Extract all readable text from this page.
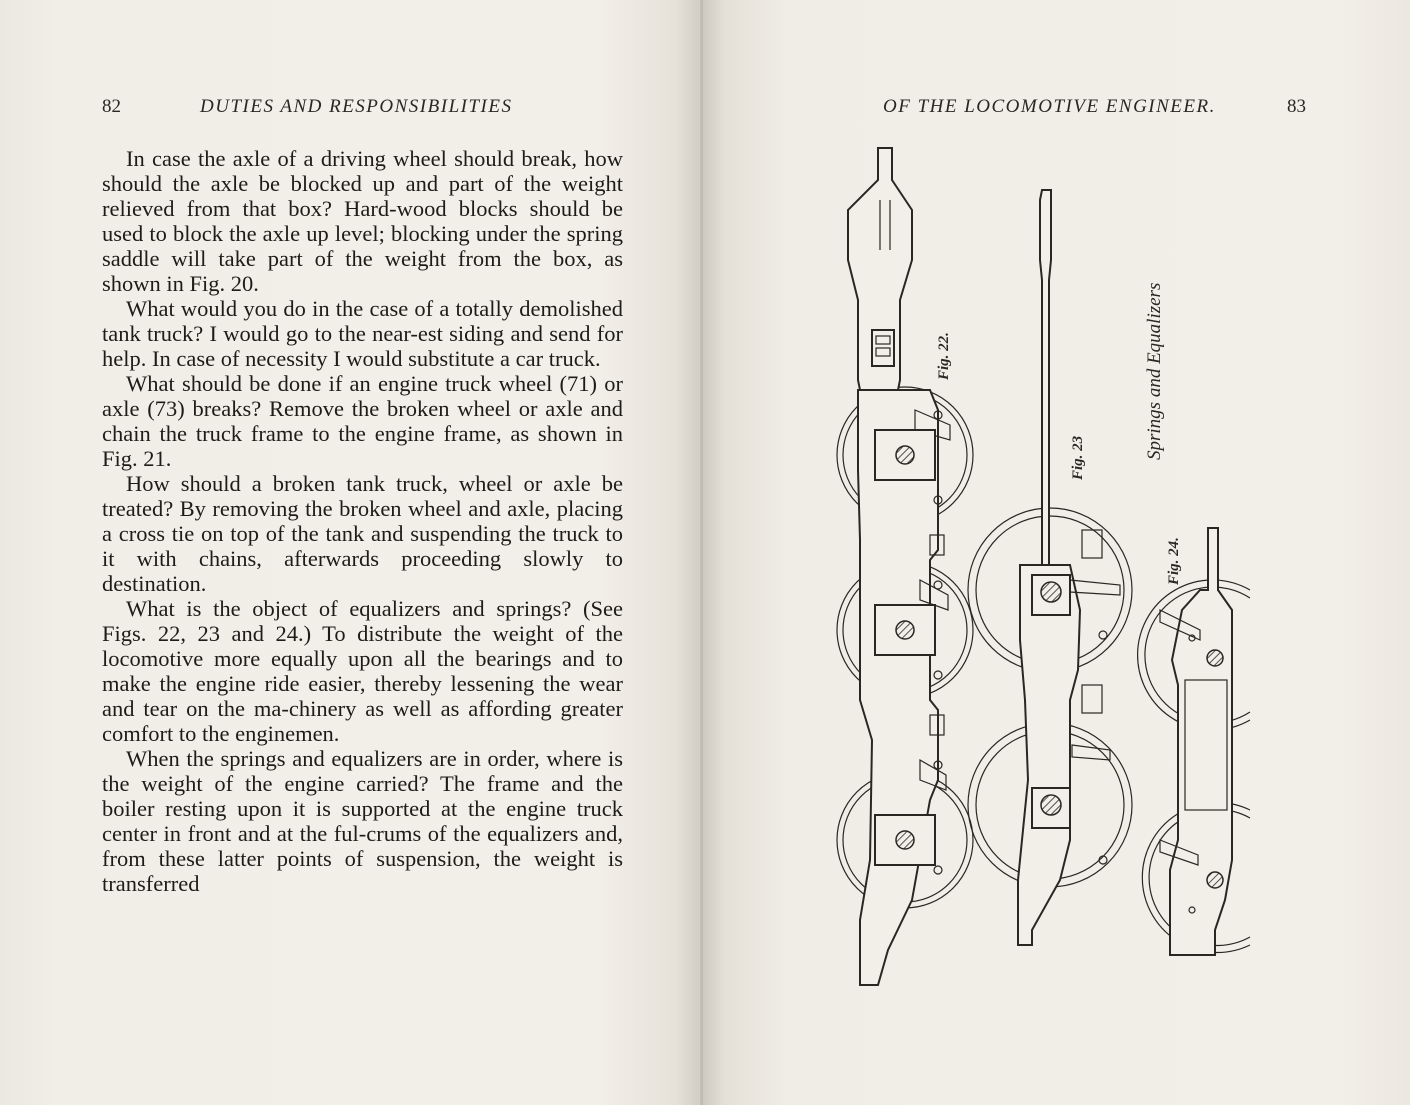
82	DUTIES AND RESPONSIBILITIES

In case the axle of a driving wheel should break, how should the axle be blocked up and part of the weight relieved from that box? Hard-wood blocks should be used to block the axle up level; blocking under the spring saddle will take part of the weight from the box, as shown in Fig. 20.

What would you do in the case of a totally demolished tank truck? I would go to the near-est siding and send for help. In case of necessity I would substitute a car truck.

What should be done if an engine truck wheel (71) or axle (73) breaks? Remove the broken wheel or axle and chain the truck frame to the engine frame, as shown in Fig. 21.

How should a broken tank truck, wheel or axle be treated? By removing the broken wheel and axle, placing a cross tie on top of the tank and suspending the truck to it with chains, afterwards proceeding slowly to destination.

What is the object of equalizers and springs? (See Figs. 22, 23 and 24.) To distribute the weight of the locomotive more equally upon all the bearings and to make the engine ride easier, thereby lessening the wear and tear on the ma-chinery as well as affording greater comfort to the enginemen.

When the springs and equalizers are in order, where is the weight of the engine carried? The frame and the boiler resting upon it is supported at the engine truck center in front and at the ful-crums of the equalizers and, from these latter points of suspension, the weight is transferred

OF THE LOCOMOTIVE ENGINEER.	83
Fig. 22.
Fig. 23	Springs and Equalizers
Fig. 24.
